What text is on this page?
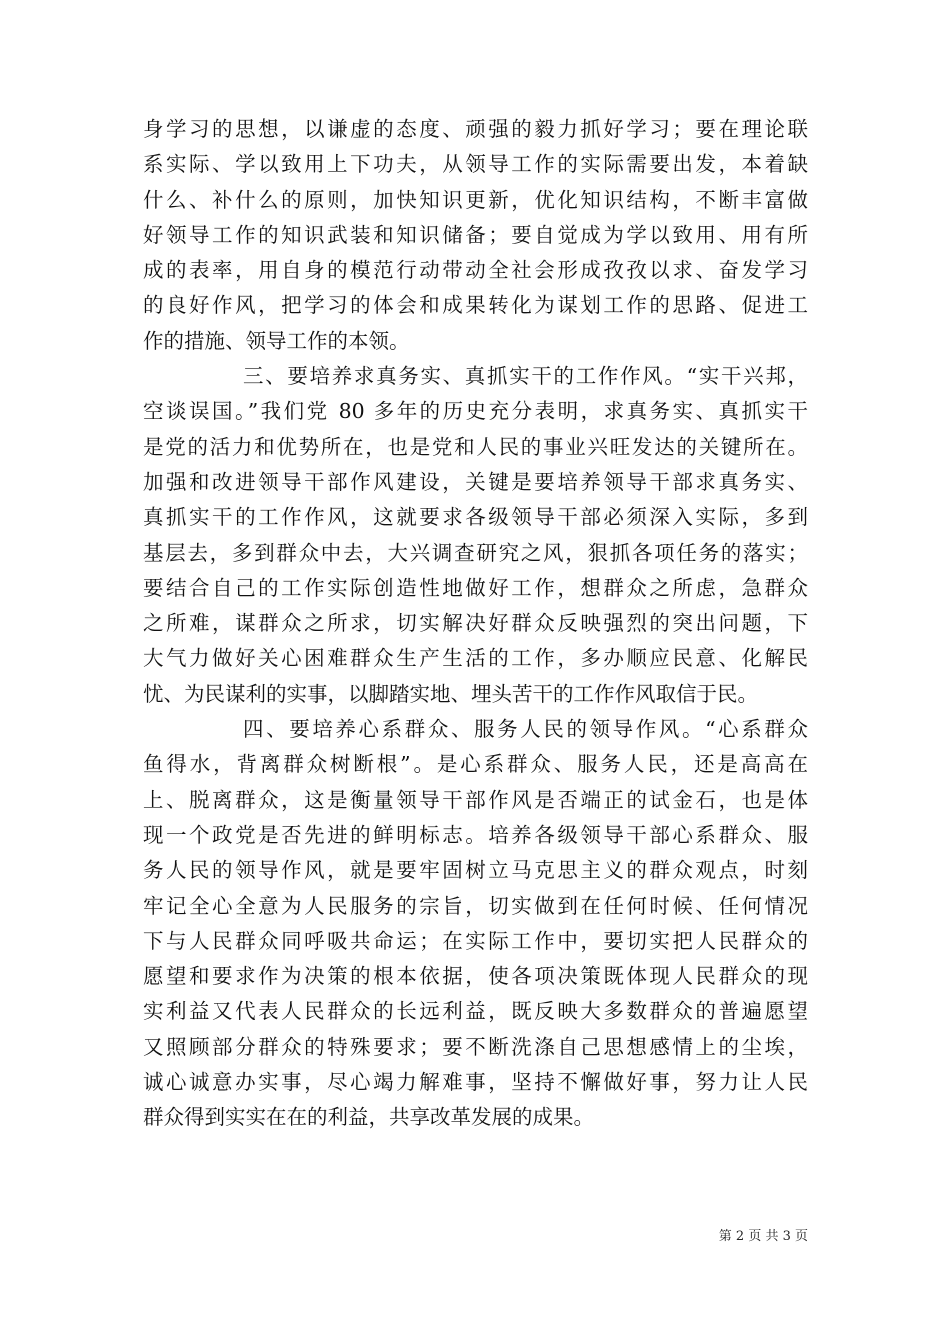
身学习的思想，以谦虚的态度、顽强的毅力抓好学习；要在理论联
系实际、学以致用上下功夫，从领导工作的实际需要出发，本着缺
什么、补什么的原则，加快知识更新，优化知识结构，不断丰富做
好领导工作的知识武装和知识储备；要自觉成为学以致用、用有所
成的表率，用自身的模范行动带动全社会形成孜孜以求、奋发学习
的良好作风，把学习的体会和成果转化为谋划工作的思路、促进工
作的措施、领导工作的本领。
三、要培养求真务实、真抓实干的工作作风。“实干兴邦，
空谈误国。”我们党 80 多年的历史充分表明，求真务实、真抓实干
是党的活力和优势所在，也是党和人民的事业兴旺发达的关键所在。
加强和改进领导干部作风建设，关键是要培养领导干部求真务实、
真抓实干的工作作风，这就要求各级领导干部必须深入实际，多到
基层去，多到群众中去，大兴调查研究之风，狠抓各项任务的落实；
要结合自己的工作实际创造性地做好工作，想群众之所虑，急群众
之所难，谋群众之所求，切实解决好群众反映强烈的突出问题，下
大气力做好关心困难群众生产生活的工作，多办顺应民意、化解民
忧、为民谋利的实事，以脚踏实地、埋头苦干的工作作风取信于民。
四、要培养心系群众、服务人民的领导作风。“心系群众
鱼得水，背离群众树断根”。是心系群众、服务人民，还是高高在
上、脱离群众，这是衡量领导干部作风是否端正的试金石，也是体
现一个政党是否先进的鲜明标志。培养各级领导干部心系群众、服
务人民的领导作风，就是要牢固树立马克思主义的群众观点，时刻
牢记全心全意为人民服务的宗旨，切实做到在任何时候、任何情况
下与人民群众同呼吸共命运；在实际工作中，要切实把人民群众的
愿望和要求作为决策的根本依据，使各项决策既体现人民群众的现
实利益又代表人民群众的长远利益，既反映大多数群众的普遍愿望
又照顾部分群众的特殊要求；要不断洗涤自己思想感情上的尘埃，
诚心诚意办实事，尽心竭力解难事，坚持不懈做好事，努力让人民
群众得到实实在在的利益，共享改革发展的成果。
第 2 页 共 3 页
